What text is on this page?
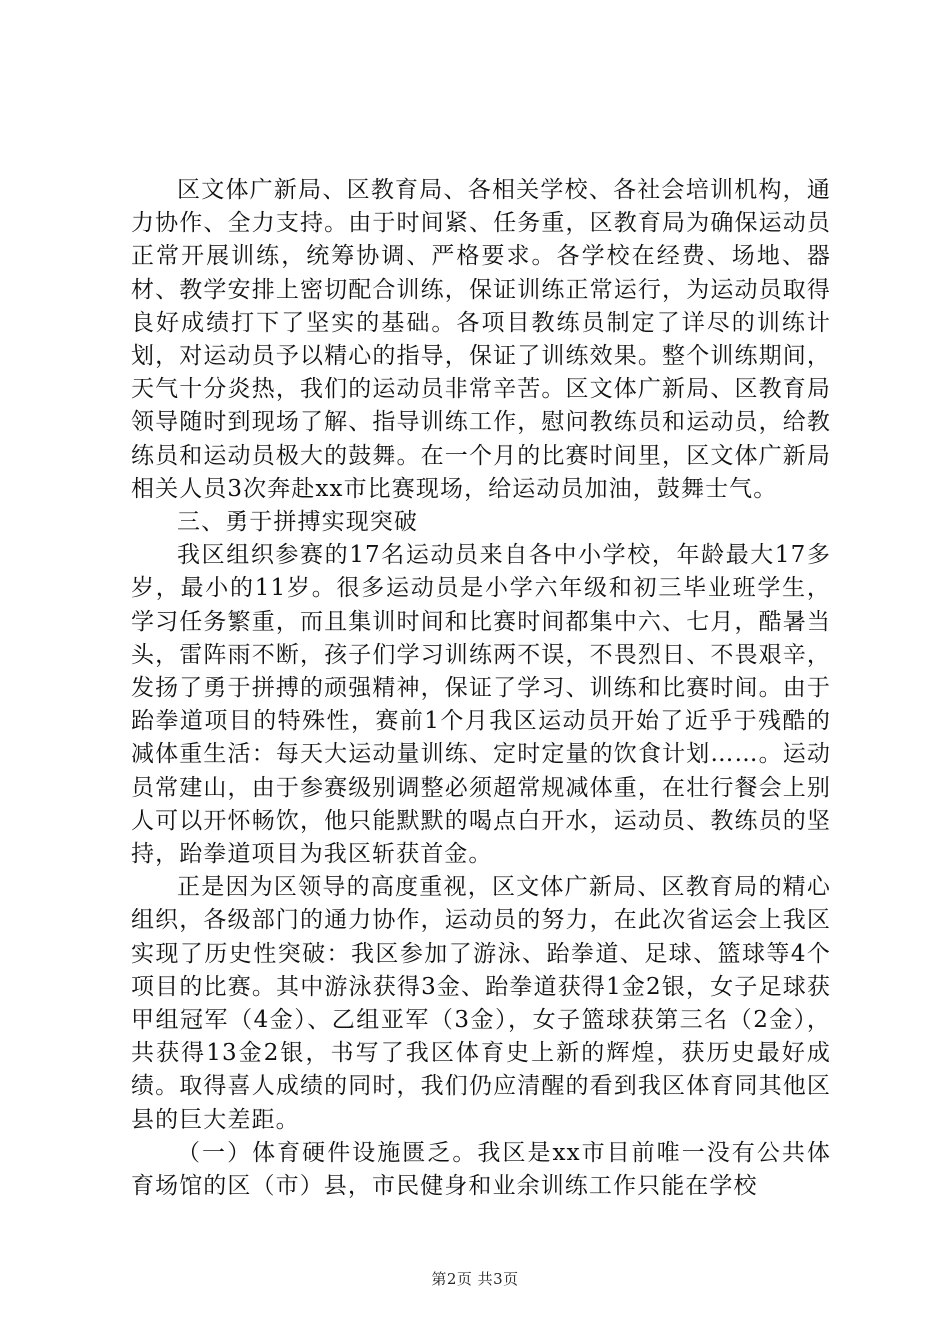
区文体广新局、区教育局、各相关学校、各社会培训机构，通力协作、全力支持。由于时间紧、任务重，区教育局为确保运动员正常开展训练，统筹协调、严格要求。各学校在经费、场地、器材、教学安排上密切配合训练，保证训练正常运行，为运动员取得良好成绩打下了坚实的基础。各项目教练员制定了详尽的训练计划，对运动员予以精心的指导，保证了训练效果。整个训练期间，天气十分炎热，我们的运动员非常辛苦。区文体广新局、区教育局领导随时到现场了解、指导训练工作，慰问教练员和运动员，给教练员和运动员极大的鼓舞。在一个月的比赛时间里，区文体广新局相关人员3次奔赴xx市比赛现场，给运动员加油，鼓舞士气。

三、勇于拼搏实现突破

我区组织参赛的17名运动员来自各中小学校，年龄最大17多岁，最小的11岁。很多运动员是小学六年级和初三毕业班学生，学习任务繁重，而且集训时间和比赛时间都集中六、七月，酷暑当头，雷阵雨不断，孩子们学习训练两不误，不畏烈日、不畏艰辛，发扬了勇于拼搏的顽强精神，保证了学习、训练和比赛时间。由于跆拳道项目的特殊性，赛前1个月我区运动员开始了近乎于残酷的减体重生活：每天大运动量训练、定时定量的饮食计划……。运动员常建山，由于参赛级别调整必须超常规减体重，在壮行餐会上别人可以开怀畅饮，他只能默默的喝点白开水，运动员、教练员的坚持，跆拳道项目为我区斩获首金。

正是因为区领导的高度重视，区文体广新局、区教育局的精心组织，各级部门的通力协作，运动员的努力，在此次省运会上我区实现了历史性突破：我区参加了游泳、跆拳道、足球、篮球等4个项目的比赛。其中游泳获得3金、跆拳道获得1金2银，女子足球获甲组冠军（4金）、乙组亚军（3金），女子篮球获第三名（2金），共获得13金2银，书写了我区体育史上新的辉煌，获历史最好成绩。取得喜人成绩的同时，我们仍应清醒的看到我区体育同其他区县的巨大差距。

（一）体育硬件设施匮乏。我区是xx市目前唯一没有公共体育场馆的区（市）县，市民健身和业余训练工作只能在学校

第2页 共3页
